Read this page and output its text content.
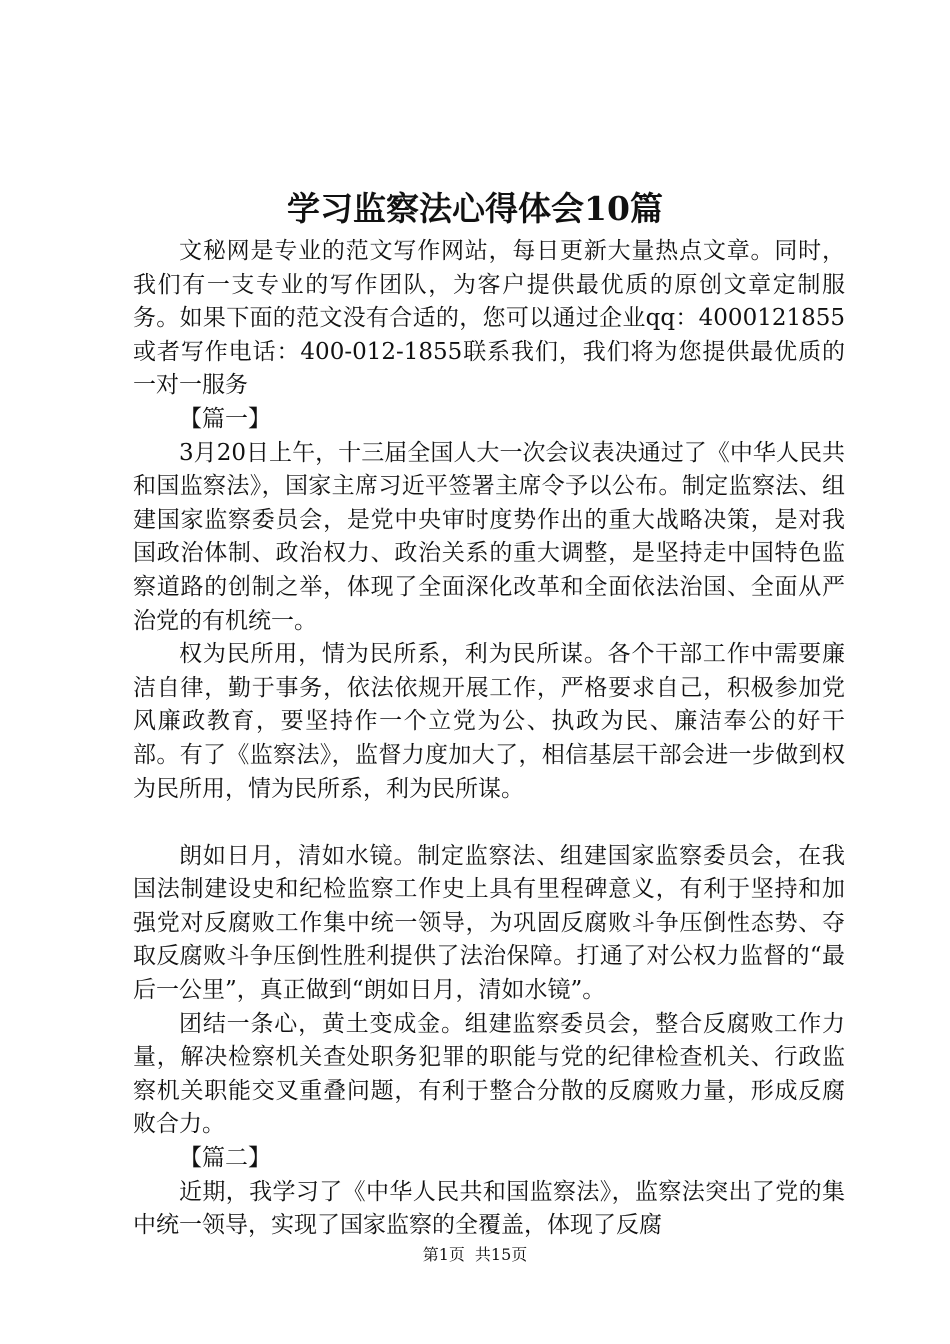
学习监察法心得体会10篇

文秘网是专业的范文写作网站，每日更新大量热点文章。同时，我们有一支专业的写作团队，为客户提供最优质的原创文章定制服务。如果下面的范文没有合适的，您可以通过企业qq：4000121855或者写作电话：400-012-1855联系我们，我们将为您提供最优质的一对一服务

【篇一】

3月20日上午，十三届全国人大一次会议表决通过了《中华人民共和国监察法》，国家主席习近平签署主席令予以公布。制定监察法、组建国家监察委员会，是党中央审时度势作出的重大战略决策，是对我国政治体制、政治权力、政治关系的重大调整，是坚持走中国特色监察道路的创制之举，体现了全面深化改革和全面依法治国、全面从严治党的有机统一。

权为民所用，情为民所系，利为民所谋。各个干部工作中需要廉洁自律，勤于事务，依法依规开展工作，严格要求自己，积极参加党风廉政教育，要坚持作一个立党为公、执政为民、廉洁奉公的好干部。有了《监察法》，监督力度加大了，相信基层干部会进一步做到权为民所用，情为民所系，利为民所谋。

朗如日月，清如水镜。制定监察法、组建国家监察委员会，在我国法制建设史和纪检监察工作史上具有里程碑意义，有利于坚持和加强党对反腐败工作集中统一领导，为巩固反腐败斗争压倒性态势、夺取反腐败斗争压倒性胜利提供了法治保障。打通了对公权力监督的“最后一公里”，真正做到“朗如日月，清如水镜”。

团结一条心，黄土变成金。组建监察委员会，整合反腐败工作力量，解决检察机关查处职务犯罪的职能与党的纪律检查机关、行政监察机关职能交叉重叠问题，有利于整合分散的反腐败力量，形成反腐败合力。

【篇二】

近期，我学习了《中华人民共和国监察法》，监察法突出了党的集中统一领导，实现了国家监察的全覆盖，体现了反腐

第1页 共15页
